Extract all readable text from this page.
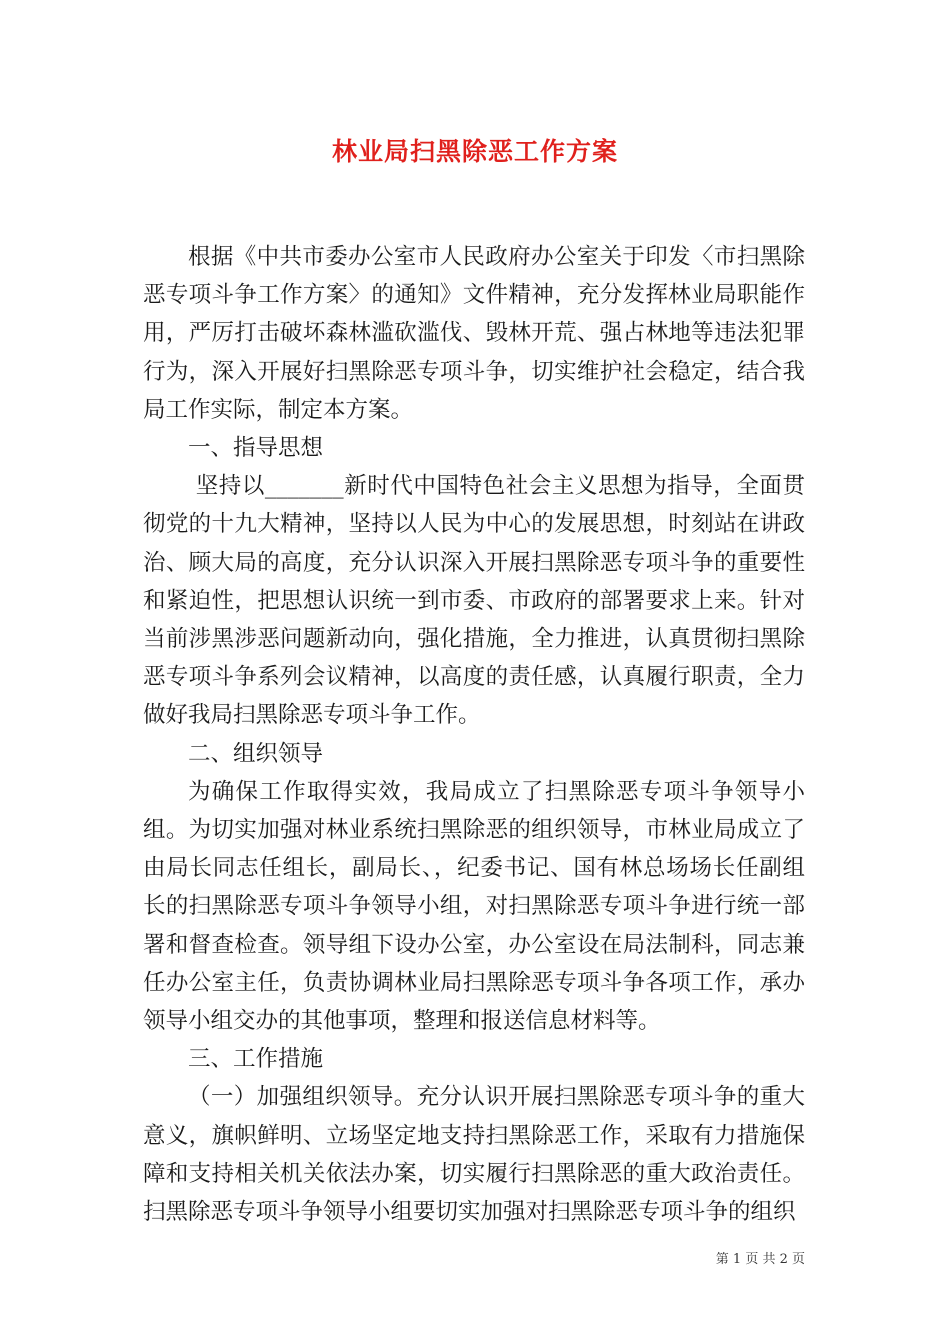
林业局扫黑除恶工作方案

根据《中共市委办公室市人民政府办公室关于印发〈市扫黑除恶专项斗争工作方案〉的通知》文件精神，充分发挥林业局职能作用，严厉打击破坏森林滥砍滥伐、毁林开荒、强占林地等违法犯罪行为，深入开展好扫黑除恶专项斗争，切实维护社会稳定，结合我局工作实际，制定本方案。

一、指导思想

坚持以_______新时代中国特色社会主义思想为指导，全面贯彻党的十九大精神，坚持以人民为中心的发展思想，时刻站在讲政治、顾大局的高度，充分认识深入开展扫黑除恶专项斗争的重要性和紧迫性，把思想认识统一到市委、市政府的部署要求上来。针对当前涉黑涉恶问题新动向，强化措施，全力推进，认真贯彻扫黑除恶专项斗争系列会议精神，以高度的责任感，认真履行职责，全力做好我局扫黑除恶专项斗争工作。

二、组织领导

为确保工作取得实效，我局成立了扫黑除恶专项斗争领导小组。为切实加强对林业系统扫黑除恶的组织领导，市林业局成立了由局长同志任组长，副局长、，纪委书记、国有林总场场长任副组长的扫黑除恶专项斗争领导小组，对扫黑除恶专项斗争进行统一部署和督查检查。领导组下设办公室，办公室设在局法制科，同志兼任办公室主任，负责协调林业局扫黑除恶专项斗争各项工作，承办领导小组交办的其他事项，整理和报送信息材料等。

三、工作措施

（一）加强组织领导。充分认识开展扫黑除恶专项斗争的重大意义，旗帜鲜明、立场坚定地支持扫黑除恶工作，采取有力措施保障和支持相关机关依法办案，切实履行扫黑除恶的重大政治责任。扫黑除恶专项斗争领导小组要切实加强对扫黑除恶专项斗争的组织

第 1 页 共 2 页
